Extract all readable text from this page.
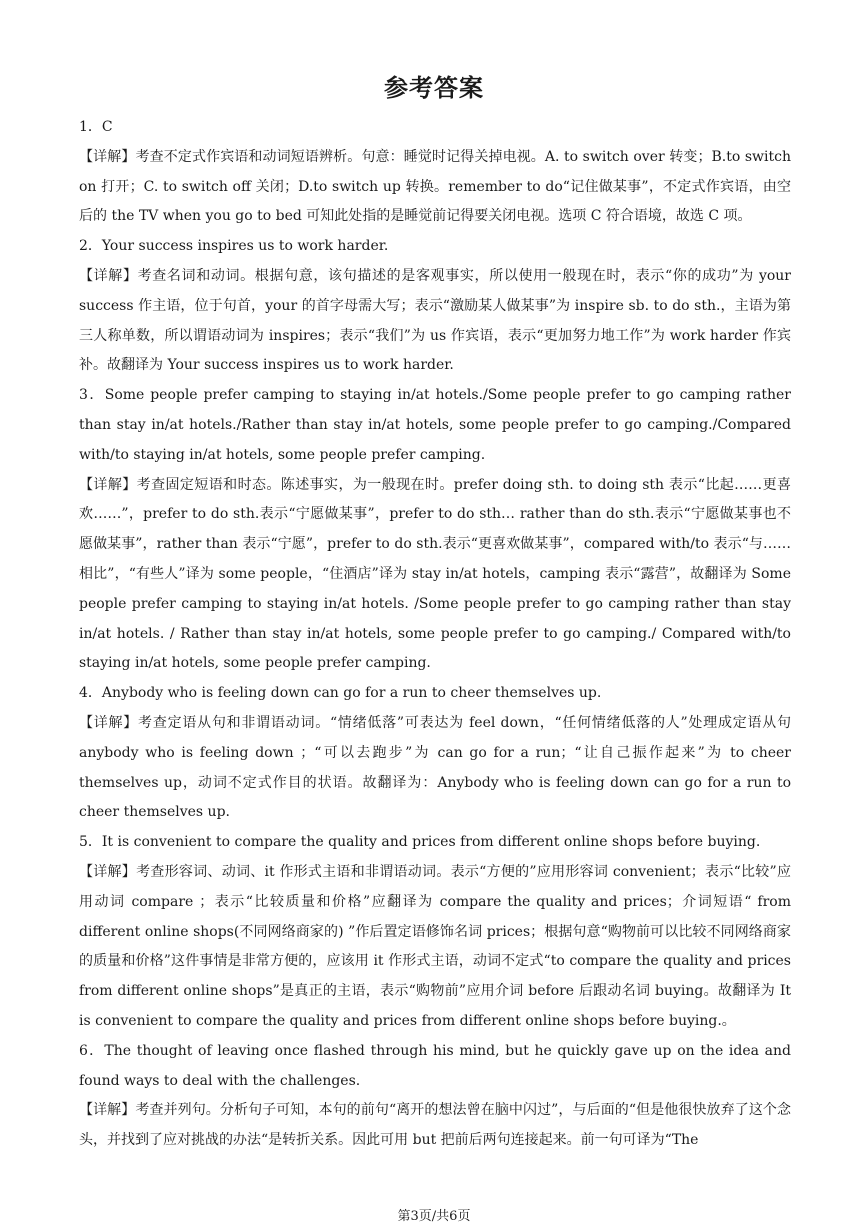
参考答案

1．C

【详解】考查不定式作宾语和动词短语辨析。句意：睡觉时记得关掉电视。A. to switch over 转变；B.to switch on 打开；C. to switch off 关闭；D.to switch up 转换。remember to do“记住做某事”，不定式作宾语，由空后的 the TV when you go to bed 可知此处指的是睡觉前记得要关闭电视。选项 C 符合语境，故选 C 项。

2．Your success inspires us to work harder.

【详解】考查名词和动词。根据句意，该句描述的是客观事实，所以使用一般现在时，表示“你的成功”为 your success 作主语，位于句首，your 的首字母需大写；表示“激励某人做某事”为 inspire sb. to do sth.，主语为第三人称单数，所以谓语动词为 inspires；表示“我们”为 us 作宾语，表示“更加努力地工作”为 work harder 作宾补。故翻译为 Your success inspires us to work harder.

3．Some people prefer camping to staying in/at hotels./Some people prefer to go camping rather than stay in/at hotels./Rather than stay in/at hotels, some people prefer to go camping./Compared with/to staying in/at hotels, some people prefer camping.

【详解】考查固定短语和时态。陈述事实，为一般现在时。prefer doing sth. to doing sth 表示“比起……更喜欢……”，prefer to do sth.表示“宁愿做某事”，prefer to do sth… rather than do sth.表示“宁愿做某事也不愿做某事”，rather than 表示“宁愿”，prefer to do sth.表示“更喜欢做某事”，compared with/to 表示“与……相比”，“有些人”译为 some people，“住酒店”译为 stay in/at hotels，camping 表示“露营”，故翻译为 Some people prefer camping to staying in/at hotels. /Some people prefer to go camping rather than stay in/at hotels. / Rather than stay in/at hotels, some people prefer to go camping./ Compared with/to staying in/at hotels, some people prefer camping.

4．Anybody who is feeling down can go for a run to cheer themselves up.

【详解】考查定语从句和非谓语动词。“情绪低落”可表达为 feel down，“任何情绪低落的人”处理成定语从句 anybody who is feeling down ；“可以去跑步”为 can go for a run；“让自己振作起来”为 to cheer themselves up，动词不定式作目的状语。故翻译为：Anybody who is feeling down can go for a run to cheer themselves up.

5．It is convenient to compare the quality and prices from different online shops before buying.

【详解】考查形容词、动词、it 作形式主语和非谓语动词。表示“方便的”应用形容词 convenient；表示“比较”应用动词 compare ；表示“比较质量和价格”应翻译为 compare the quality and prices；介词短语“ from different online shops(不同网络商家的) ”作后置定语修饰名词 prices；根据句意“购物前可以比较不同网络商家的质量和价格”这件事情是非常方便的，应该用 it 作形式主语，动词不定式“to compare the quality and prices from different online shops”是真正的主语，表示“购物前”应用介词 before 后跟动名词 buying。故翻译为 It is convenient to compare the quality and prices from different online shops before buying.。

6．The thought of leaving once flashed through his mind, but he quickly gave up on the idea and found ways to deal with the challenges.

【详解】考查并列句。分析句子可知，本句的前句“离开的想法曾在脑中闪过”，与后面的“但是他很快放弃了这个念头，并找到了应对挑战的办法“是转折关系。因此可用 but 把前后两句连接起来。前一句可译为“The

第3页/共6页
